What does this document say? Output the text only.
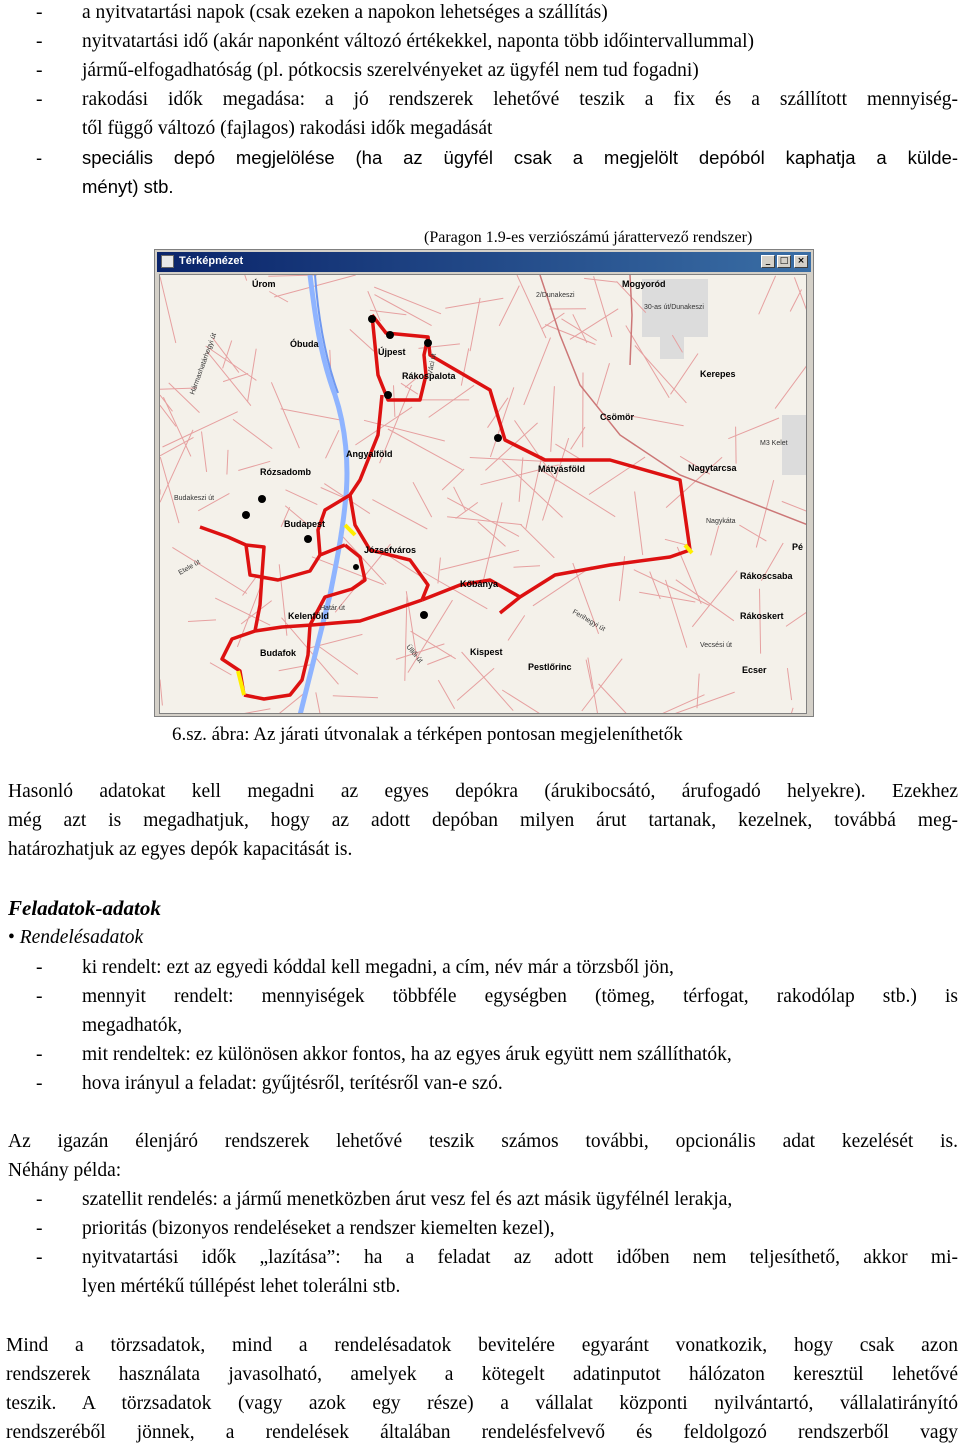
- a nyitvatartási napok (csak ezeken a napokon lehetséges a szállítás)
- nyitvatartási idő (akár naponként változó értékekkel, naponta több időintervallummal)
- jármű-elfogadhatóság (pl. pótkocsis szerelvényeket az ügyfél nem tud fogadni)
- rakodási idők megadása: a jó rendszerek lehetővé teszik a fix és a szállított mennyiség-
től függő változó (fajlagos) rakodási idők megadását
- speciális depó megjelölése (ha az ügyfél csak a megjelölt depóból kaphatja a külde-
ményt) stb.
(Paragon 1.9-es verziószámú járattervező rendszer)
Térképnézet	_	□ ×
Úrom	Mogyoród
Óbuda
Újpest
Rákospalota	Kerepes
Csömör
Angyalföld
Mátyásföld	Nagytarcsa
Rózsadomb
Budapest
Józsefváros
Kőbánya
Rákoscsaba
Pé
Kelenföld	Rákoskert
Kispest
Budafok
Pestlőrinc	Ecser
2/Dunakeszi
30-as út/Dunakeszi
M3 Kelet
Hármashatárhegyi út	Váci út
Budakeszi út
Etele út
Üllői út
Nagykáta
Ferihegyi út
Határ út
Vecsési út
6.sz. ábra: Az járati útvonalak a térképen pontosan megjeleníthetők
Hasonló adatokat kell megadni az egyes depókra (árukibocsátó, árufogadó helyekre). Ezekhez
még azt is megadhatjuk, hogy az adott depóban milyen árut tartanak, kezelnek, továbbá meg-
határozhatjuk az egyes depók kapacitását is.
Feladatok-adatok
• Rendelésadatok
- ki rendelt: ezt az egyedi kóddal kell megadni, a cím, név már a törzsből jön,
- mennyit rendelt: mennyiségek többféle egységben (tömeg, térfogat, rakodólap stb.) is
megadhatók,
- mit rendeltek: ez különösen akkor fontos, ha az egyes áruk együtt nem szállíthatók,
- hova irányul a feladat: gyűjtésről, terítésről van-e szó.
Az igazán élenjáró rendszerek lehetővé teszik számos további, opcionális adat kezelését is.
Néhány példa:
- szatellit rendelés: a jármű menetközben árut vesz fel és azt másik ügyfélnél lerakja,
- prioritás (bizonyos rendeléseket a rendszer kiemelten kezel),
- nyitvatartási idők „lazítása”: ha a feladat az adott időben nem teljesíthető, akkor mi-
lyen mértékű túllépést lehet tolerálni stb.
Mind a törzsadatok, mind a rendelésadatok bevitelére egyaránt vonatkozik, hogy csak azon
rendszerek használata javasolható, amelyek a kötegelt adatinputot hálózaton keresztül lehetővé
teszik. A törzsadatok (vagy azok egy része) a vállalat központi nyilvántartó, vállalatirányító
rendszeréből jönnek, a rendelések általában rendelésfelvevő és feldolgozó rendszerből vagy
